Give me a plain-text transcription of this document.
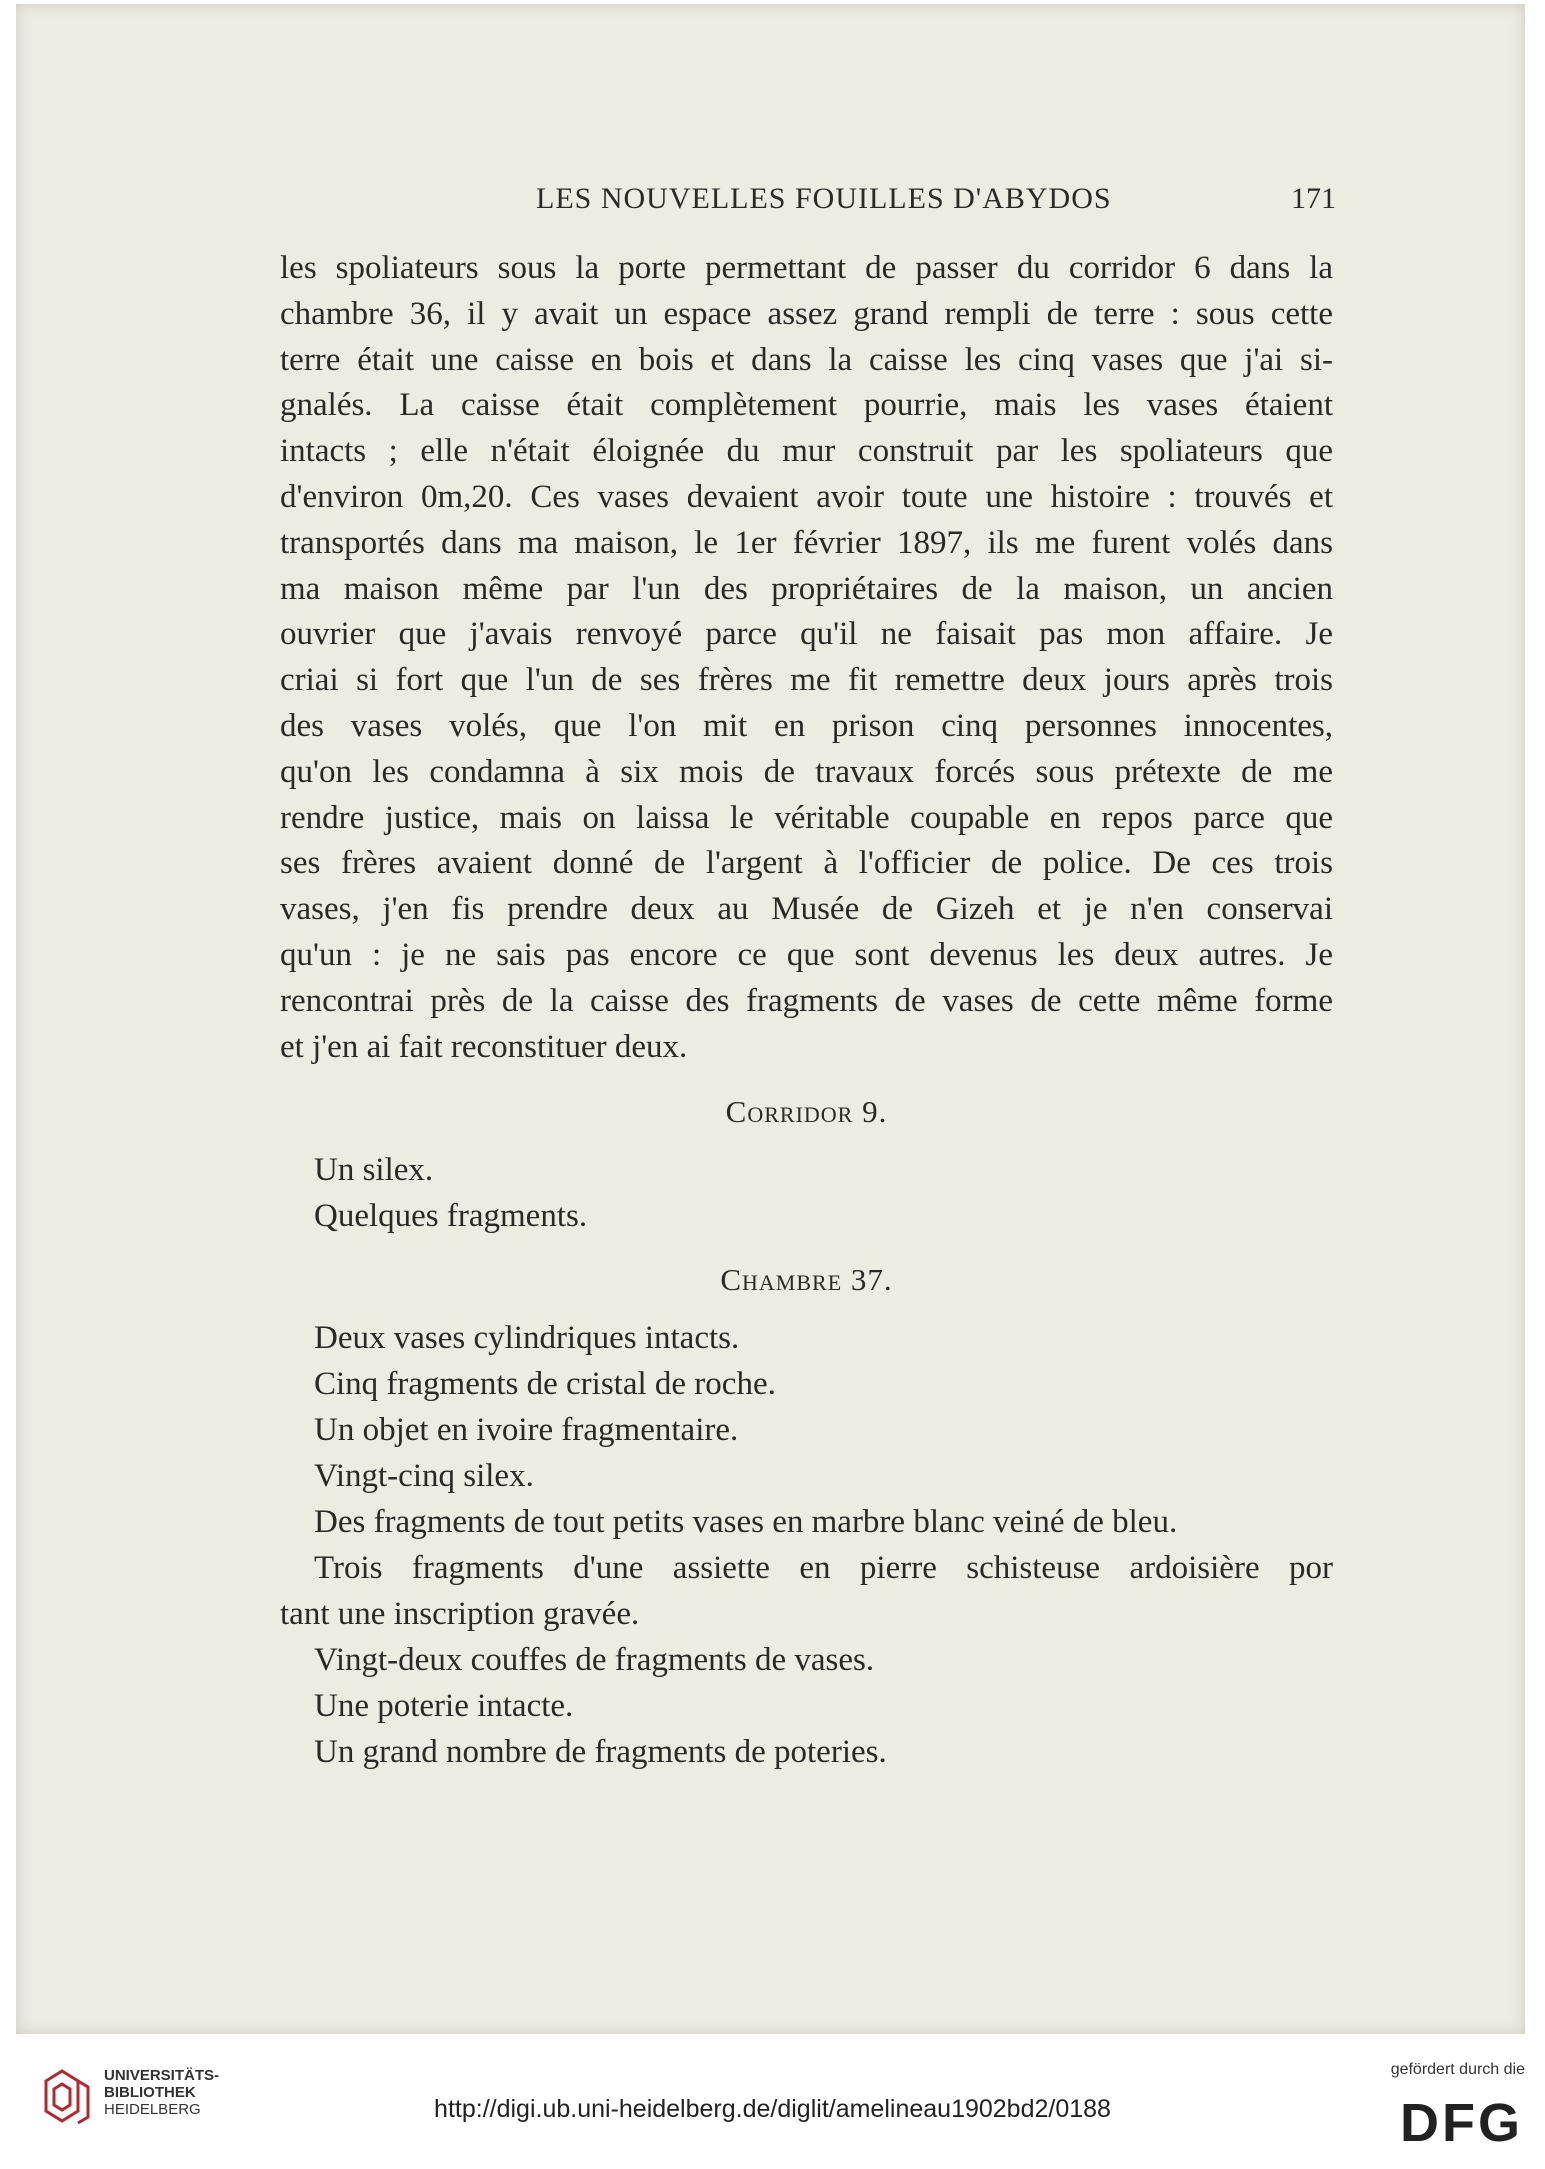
LES NOUVELLES FOUILLES D'ABYDOS	171
les spoliateurs sous la porte permettant de passer du corridor 6 dans la
chambre 36, il y avait un espace assez grand rempli de terre : sous cette
terre était une caisse en bois et dans la caisse les cinq vases que j'ai si-
gnalés. La caisse était complètement pourrie, mais les vases étaient
intacts ; elle n'était éloignée du mur construit par les spoliateurs que
d'environ 0m,20. Ces vases devaient avoir toute une histoire : trouvés et
transportés dans ma maison, le 1er février 1897, ils me furent volés dans
ma maison même par l'un des propriétaires de la maison, un ancien
ouvrier que j'avais renvoyé parce qu'il ne faisait pas mon affaire. Je
criai si fort que l'un de ses frères me fit remettre deux jours après trois
des vases volés, que l'on mit en prison cinq personnes innocentes,
qu'on les condamna à six mois de travaux forcés sous prétexte de me
rendre justice, mais on laissa le véritable coupable en repos parce que
ses frères avaient donné de l'argent à l'officier de police. De ces trois
vases, j'en fis prendre deux au Musée de Gizeh et je n'en conservai
qu'un : je ne sais pas encore ce que sont devenus les deux autres. Je
rencontrai près de la caisse des fragments de vases de cette même forme
et j'en ai fait reconstituer deux.
Corridor 9.
Un silex.
Quelques fragments.
Chambre 37.
Deux vases cylindriques intacts.
Cinq fragments de cristal de roche.
Un objet en ivoire fragmentaire.
Vingt-cinq silex.
Des fragments de tout petits vases en marbre blanc veiné de bleu.
Trois fragments d'une assiette en pierre schisteuse ardoisière por
tant une inscription gravée.
Vingt-deux couffes de fragments de vases.
Une poterie intacte.
Un grand nombre de fragments de poteries.
UNIVERSITÄTS-
BIBLIOTHEK
HEIDELBERG	http://digi.ub.uni-heidelberg.de/diglit/amelineau1902bd2/0188
gefördert durch die
DFG
